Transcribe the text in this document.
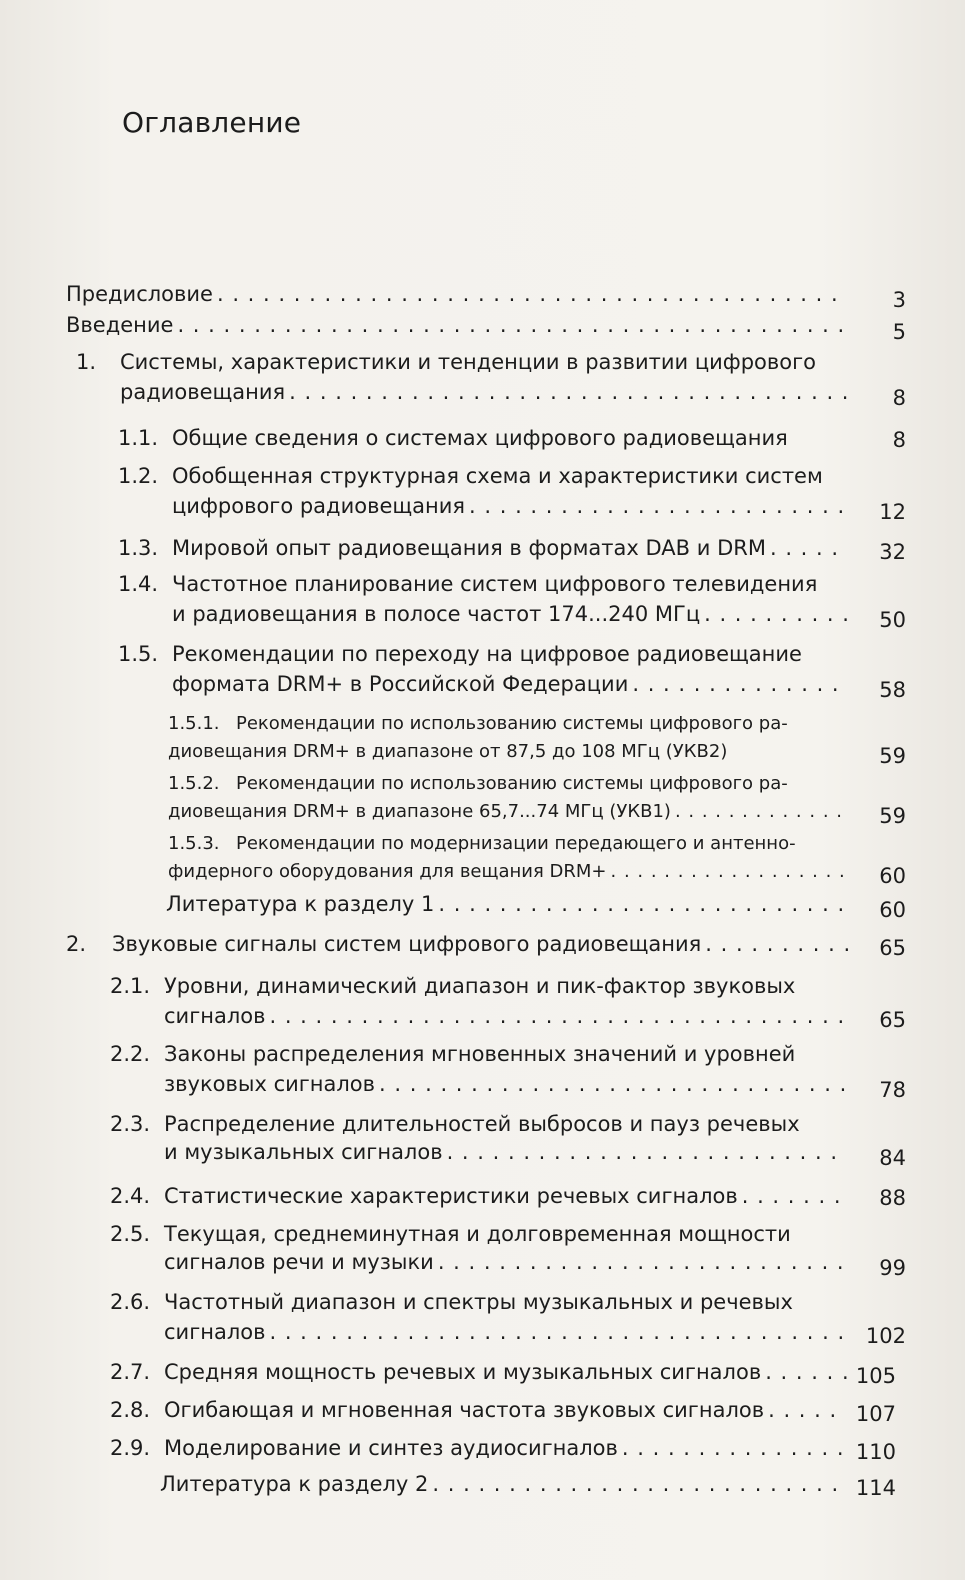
Оглавление
Предисловие . . .	3
Введение . . .	5
1. Системы, характеристики и тенденции в развитии цифрового
радиовещания . . .	8
1.1. Общие сведения о системах цифрового радиовещания	8
1.2. Обобщенная структурная схема и характеристики систем
цифрового радиовещания . . .	12
1.3. Мировой опыт радиовещания в форматах DAB и DRM . . .	32
1.4. Частотное планирование систем цифрового телевидения
и радиовещания в полосе частот 174...240 МГц . . .	50
1.5. Рекомендации по переходу на цифровое радиовещание
формата DRM+ в Российской Федерации . . .	58
1.5.1. Рекомендации по использованию системы цифрового ра-
диовещания DRM+ в диапазоне от 87,5 до 108 МГц (УКВ2)	59
1.5.2. Рекомендации по использованию системы цифрового ра-
диовещания DRM+ в диапазоне 65,7...74 МГц (УКВ1) . . .	59
1.5.3. Рекомендации по модернизации передающего и антенно-
фидерного оборудования для вещания DRM+ . . .	60
Литература к разделу 1 . . .	60
2.	Звуковые сигналы систем цифрового радиовещания . . .	65
2.1. Уровни, динамический диапазон и пик-фактор звуковых
сигналов . . .	65
2.2. Законы распределения мгновенных значений и уровней
звуковых сигналов . . .	78
2.3. Распределение длительностей выбросов и пауз речевых
и музыкальных сигналов . . .	84
2.4. Статистические характеристики речевых сигналов . . .	88
2.5. Текущая, среднеминутная и долговременная мощности
сигналов речи и музыки . . .	99
2.6. Частотный диапазон и спектры музыкальных и речевых
сигналов . . .	102
2.7. Средняя мощность речевых и музыкальных сигналов . . .	105
2.8. Огибающая и мгновенная частота звуковых сигналов . . .	107
2.9. Моделирование и синтез аудиосигналов . . .	110
Литература к разделу 2 . . .	114
